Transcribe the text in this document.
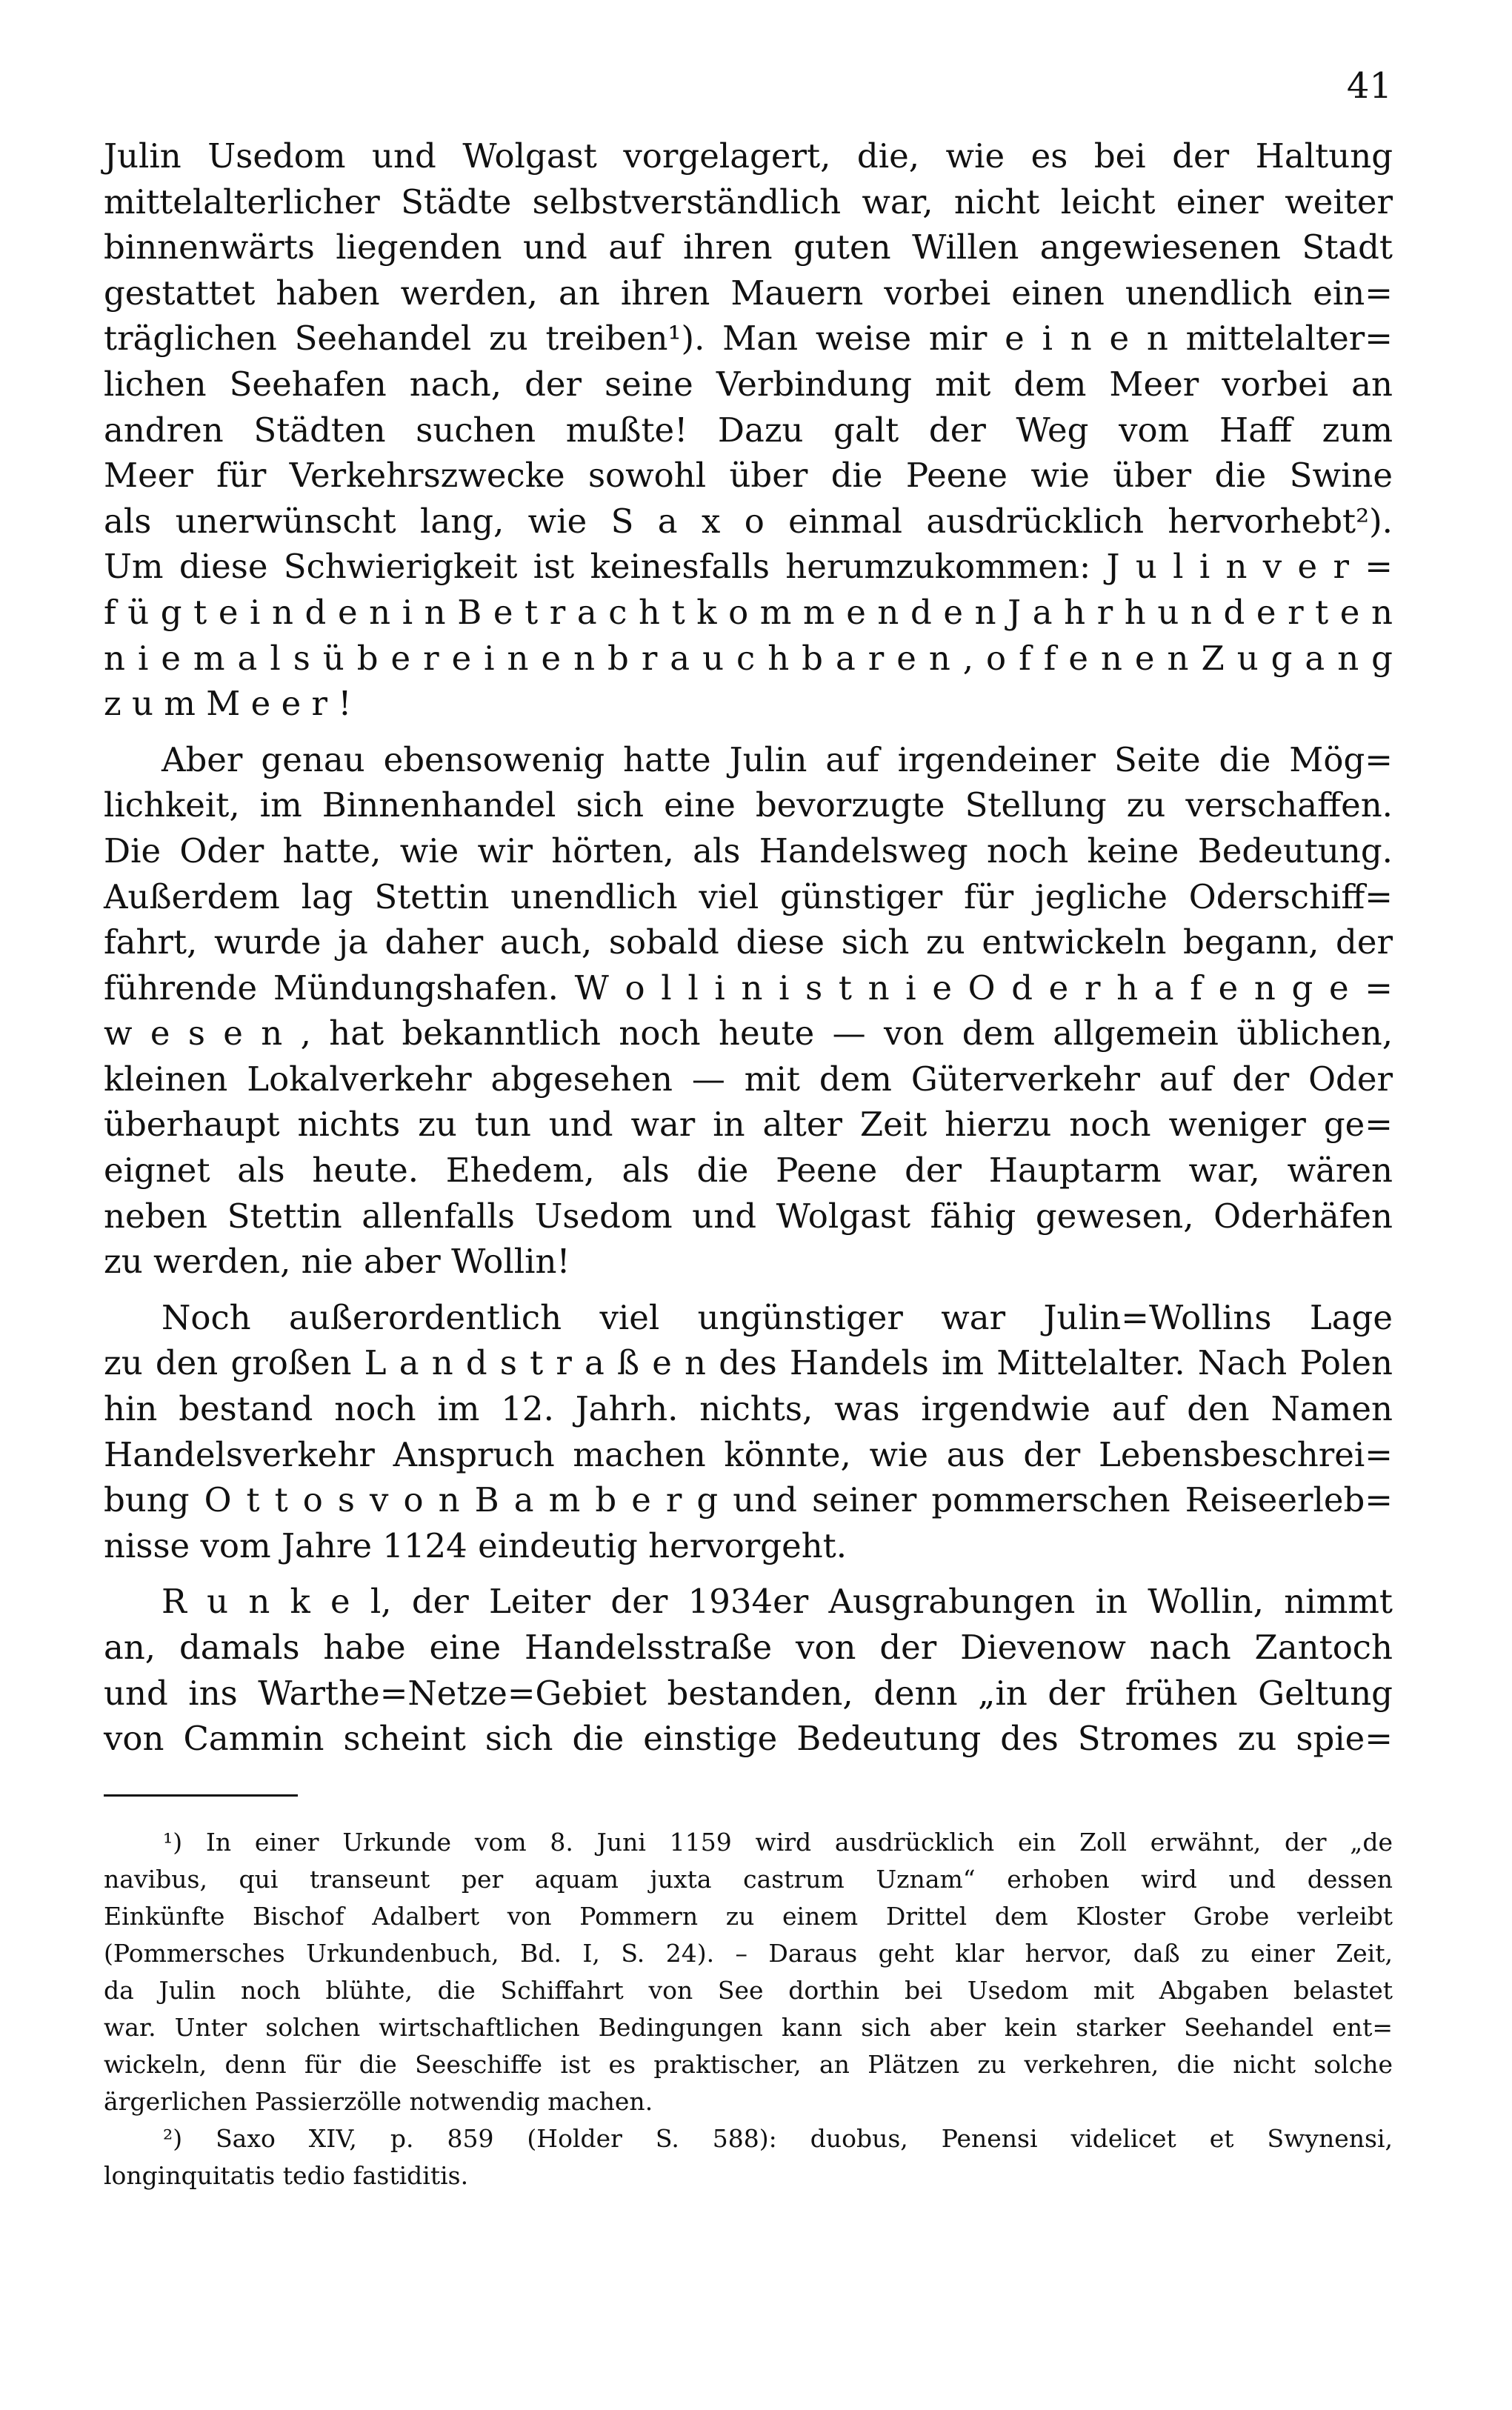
41
Julin Usedom und Wolgast vorgelagert, die, wie es bei der Haltung
mittelalterlicher Städte selbstverständlich war, nicht leicht einer weiter
binnenwärts liegenden und auf ihren guten Willen angewiesenen Stadt
gestattet haben werden, an ihren Mauern vorbei einen unendlich ein=
träglichen Seehandel zu treiben¹). Man weise mir e i n e n mittelalter=
lichen Seehafen nach, der seine Verbindung mit dem Meer vorbei an
andren Städten suchen mußte! Dazu galt der Weg vom Haff zum
Meer für Verkehrszwecke sowohl über die Peene wie über die Swine
als unerwünscht lang, wie S a x o einmal ausdrücklich hervorhebt²).
Um diese Schwierigkeit ist keinesfalls herumzukommen: J u l i n v e r =
f ü g t e i n d e n i n B e t r a c h t k o m m e n d e n J a h r h u n d e r t e n
n i e m a l s ü b e r e i n e n b r a u c h b a r e n , o f f e n e n Z u g a n g
z u m M e e r !
Aber genau ebensowenig hatte Julin auf irgendeiner Seite die Mög=
lichkeit, im Binnenhandel sich eine bevorzugte Stellung zu verschaffen.
Die Oder hatte, wie wir hörten, als Handelsweg noch keine Bedeutung.
Außerdem lag Stettin unendlich viel günstiger für jegliche Oderschiff=
fahrt, wurde ja daher auch, sobald diese sich zu entwickeln begann, der
führende Mündungshafen. W o l l i n i s t n i e O d e r h a f e n g e =
w e s e n , hat bekanntlich noch heute — von dem allgemein üblichen,
kleinen Lokalverkehr abgesehen — mit dem Güterverkehr auf der Oder
überhaupt nichts zu tun und war in alter Zeit hierzu noch weniger ge=
eignet als heute. Ehedem, als die Peene der Hauptarm war, wären
neben Stettin allenfalls Usedom und Wolgast fähig gewesen, Oderhäfen
zu werden, nie aber Wollin!
Noch außerordentlich viel ungünstiger war Julin=Wollins Lage
zu den großen L a n d s t r a ß e n des Handels im Mittelalter. Nach Polen
hin bestand noch im 12. Jahrh. nichts, was irgendwie auf den Namen
Handelsverkehr Anspruch machen könnte, wie aus der Lebensbeschrei=
bung O t t o s v o n B a m b e r g und seiner pommerschen Reiseerleb=
nisse vom Jahre 1124 eindeutig hervorgeht.
R u n k e l, der Leiter der 1934er Ausgrabungen in Wollin, nimmt
an, damals habe eine Handelsstraße von der Dievenow nach Zantoch
und ins Warthe=Netze=Gebiet bestanden, denn „in der frühen Geltung
von Cammin scheint sich die einstige Bedeutung des Stromes zu spie=
¹) In einer Urkunde vom 8. Juni 1159 wird ausdrücklich ein Zoll erwähnt, der „de
navibus, qui transeunt per aquam juxta castrum Uznam“ erhoben wird und dessen
Einkünfte Bischof Adalbert von Pommern zu einem Drittel dem Kloster Grobe verleibt
(Pommersches Urkundenbuch, Bd. I, S. 24). – Daraus geht klar hervor, daß zu einer Zeit,
da Julin noch blühte, die Schiffahrt von See dorthin bei Usedom mit Abgaben belastet
war. Unter solchen wirtschaftlichen Bedingungen kann sich aber kein starker Seehandel ent=
wickeln, denn für die Seeschiffe ist es praktischer, an Plätzen zu verkehren, die nicht solche
ärgerlichen Passierzölle notwendig machen.
²) Saxo XIV, p. 859 (Holder S. 588): duobus, Penensi videlicet et Swynensi,
longinquitatis tedio fastiditis.
